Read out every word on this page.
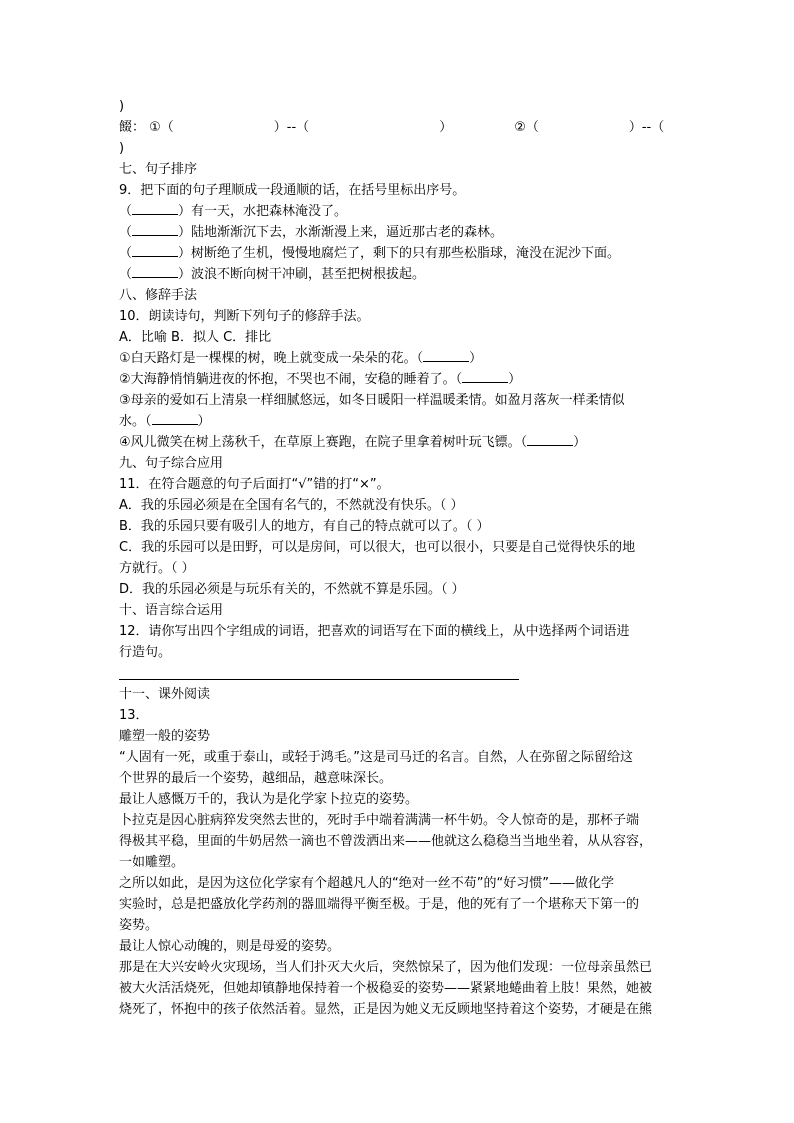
)
餟： ①（	）--（	）	②（	）--（
)
七、句子排序
9．把下面的句子理顺成一段通顺的话，在括号里标出序号。
（	）有一天，水把森林淹没了。
（	）陆地渐渐沉下去，水渐渐漫上来，逼近那古老的森林。
（	）树断绝了生机，慢慢地腐烂了，剩下的只有那些松脂球，淹没在泥沙下面。
（	）波浪不断向树干冲刷，甚至把树根拔起。
八、修辞手法
10．朗读诗句，判断下列句子的修辞手法。
A．比喻 B．拟人 C．排比
①白天路灯是一棵棵的树，晚上就变成一朵朵的花。（	）
②大海静悄悄躺进夜的怀抱，不哭也不闹，安稳的睡着了。（	）
③母亲的爱如石上清泉一样细腻悠远，如冬日暖阳一样温暖柔情。如盈月落灰一样柔情似
水。（	）
④风儿微笑在树上荡秋千，在草原上赛跑，在院子里拿着树叶玩飞镖。（	）
九、句子综合应用
11．在符合题意的句子后面打“√”错的打“×”。
A．我的乐园必须是在全国有名气的，不然就没有快乐。（ ）
B．我的乐园只要有吸引人的地方，有自己的特点就可以了。（ ）
C．我的乐园可以是田野，可以是房间，可以很大，也可以很小，只要是自己觉得快乐的地
方就行。（ ）
D．我的乐园必须是与玩乐有关的，不然就不算是乐园。（ ）
十、语言综合运用
12．请你写出四个字组成的词语，把喜欢的词语写在下面的横线上，从中选择两个词语进
行造句。
十一、课外阅读
13．
雕塑一般的姿势
“人固有一死，或重于泰山，或轻于鸿毛。”这是司马迁的名言。自然，人在弥留之际留给这
个世界的最后一个姿势，越细品，越意味深长。
最让人感慨万千的，我认为是化学家卜拉克的姿势。
卜拉克是因心脏病猝发突然去世的，死时手中端着满满一杯牛奶。令人惊奇的是，那杯子端
得极其平稳，里面的牛奶居然一滴也不曾泼洒出来——他就这么稳稳当当地坐着，从从容容，
一如雕塑。
之所以如此，是因为这位化学家有个超越凡人的“绝对一丝不苟”的“好习惯”——做化学
实验时，总是把盛放化学药剂的器皿端得平衡至极。于是，他的死有了一个堪称天下第一的
姿势。
最让人惊心动魄的，则是母爱的姿势。
那是在大兴安岭火灾现场，当人们扑灭大火后，突然惊呆了，因为他们发现：一位母亲虽然已
被大火活活烧死，但她却镇静地保持着一个极稳妥的姿势——紧紧地蜷曲着上肢！果然，她被
烧死了，怀抱中的孩子依然活着。显然，正是因为她义无反顾地坚持着这个姿势，才硬是在熊
